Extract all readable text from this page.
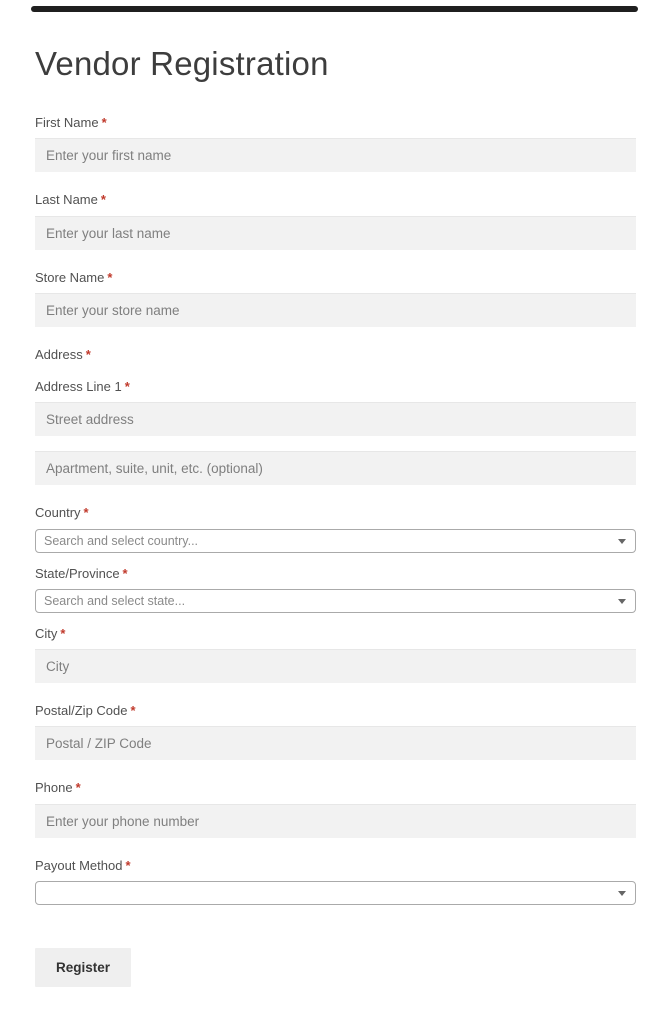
Vendor Registration
First Name *
Enter your first name
Last Name *
Enter your last name
Store Name *
Enter your store name
Address *
Address Line 1 *
Street address
Apartment, suite, unit, etc. (optional)
Country *
Search and select country...
State/Province *
Search and select state...
City *
City
Postal/Zip Code *
Postal / ZIP Code
Phone *
Enter your phone number
Payout Method *
Register
